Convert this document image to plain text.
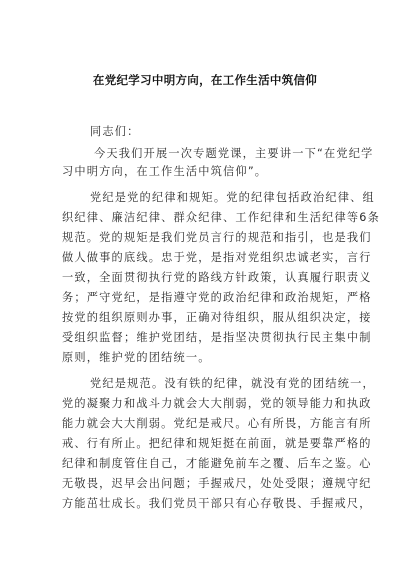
在党纪学习中明方向，在工作生活中筑信仰
同志们：
今天我们开展一次专题党课，主要讲一下“在党纪学
习中明方向，在工作生活中筑信仰”。
党纪是党的纪律和规矩。党的纪律包括政治纪律、组
织纪律、廉洁纪律、群众纪律、工作纪律和生活纪律等6条
规范。党的规矩是我们党员言行的规范和指引，也是我们
做人做事的底线。忠于党，是指对党组织忠诚老实，言行
一致，全面贯彻执行党的路线方针政策，认真履行职责义
务；严守党纪，是指遵守党的政治纪律和政治规矩，严格
按党的组织原则办事，正确对待组织，服从组织决定，接
受组织监督；维护党团结，是指坚决贯彻执行民主集中制
原则，维护党的团结统一。
党纪是规范。没有铁的纪律，就没有党的团结统一，
党的凝聚力和战斗力就会大大削弱，党的领导能力和执政
能力就会大大削弱。党纪是戒尺。心有所畏，方能言有所
戒、行有所止。把纪律和规矩挺在前面，就是要靠严格的
纪律和制度管住自己，才能避免前车之覆、后车之鉴。心
无敬畏，迟早会出问题；手握戒尺，处处受限；遵规守纪
方能茁壮成长。我们党员干部只有心存敬畏、手握戒尺，
